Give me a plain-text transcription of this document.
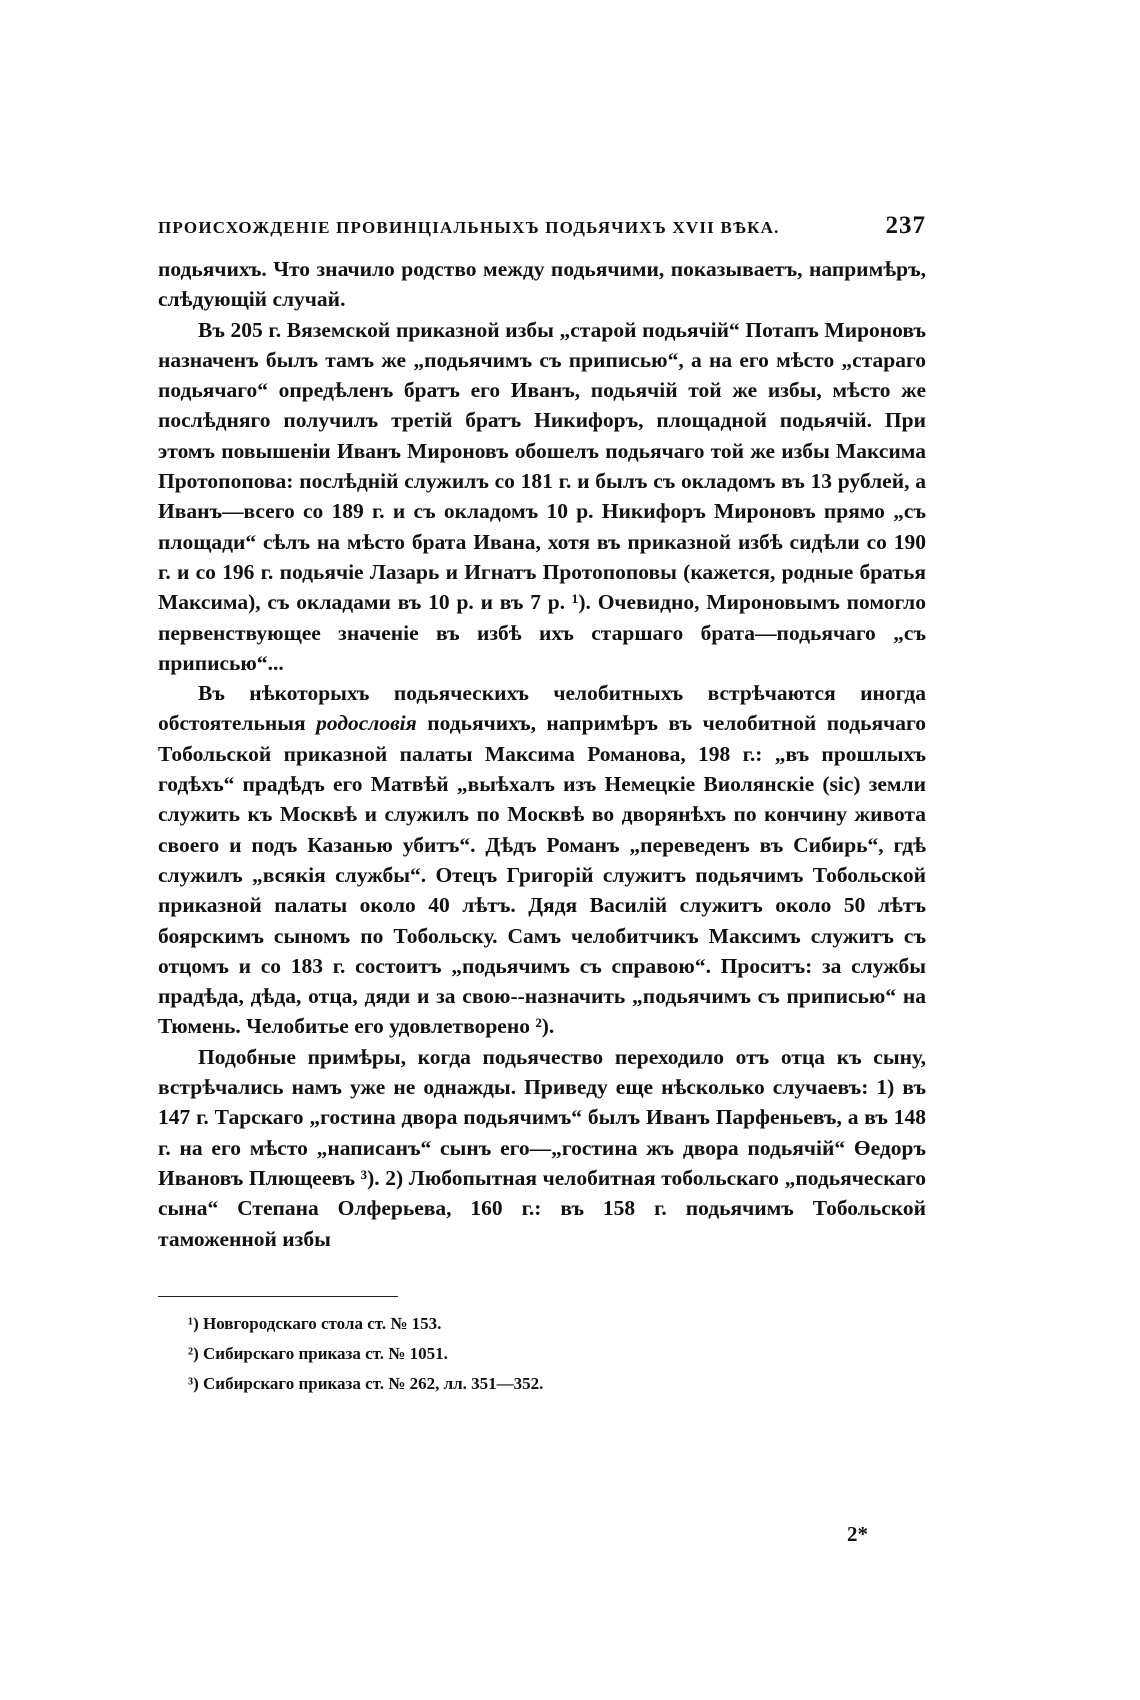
ПРОИСХОЖДЕНІЕ ПРОВИНЦІАЛЬНЫХЪ ПОДЬЯЧИХЪ XVII ВѢКА.	237

подьячихъ. Что значило родство между подьячими, показываетъ, напримѣръ, слѣдующій случай.

Въ 205 г. Вяземской приказной избы „старой подьячій“ Потапъ Мироновъ назначенъ былъ тамъ же „подьячимъ съ приписью“, а на его мѣсто „стараго подьячаго“ опредѣленъ братъ его Иванъ, подьячій той же избы, мѣсто же послѣдняго получилъ третій братъ Никифоръ, площадной подьячій. При этомъ повышеніи Иванъ Мироновъ обошелъ подьячаго той же избы Максима Протопопова: послѣдній служилъ со 181 г. и былъ съ окладомъ въ 13 рублей, а Иванъ—всего со 189 г. и съ окладомъ 10 р. Никифоръ Мироновъ прямо „съ площади“ сѣлъ на мѣсто брата Ивана, хотя въ приказной избѣ сидѣли со 190 г. и со 196 г. подьячіе Лазарь и Игнатъ Протопоповы (кажется, родные братья Максима), съ окладами въ 10 р. и въ 7 р. ¹). Очевидно, Мироновымъ помогло первенствующее значеніе въ избѣ ихъ старшаго брата—подьячаго „съ приписью“...

Въ нѣкоторыхъ подьяческихъ челобитныхъ встрѣчаются иногда обстоятельныя родословія подьячихъ, напримѣръ въ челобитной подьячаго Тобольской приказной палаты Максима Романова, 198 г.: „въ прошлыхъ годѣхъ“ прадѣдъ его Матвѣй „выѣхалъ изъ Немецкіе Виолянскіе (sic) земли служить къ Москвѣ и служилъ по Москвѣ во дворянѣхъ по кончину живота своего и подъ Казанью убитъ“. Дѣдъ Романъ „переведенъ въ Сибирь“, гдѣ служилъ „всякія службы“. Отецъ Григорій служитъ подьячимъ Тобольской приказной палаты около 40 лѣтъ. Дядя Василій служитъ около 50 лѣтъ боярскимъ сыномъ по Тобольску. Самъ челобитчикъ Максимъ служитъ съ отцомъ и со 183 г. состоитъ „подьячимъ съ справою“. Проситъ: за службы прадѣда, дѣда, отца, дяди и за свою--назначить „подьячимъ съ приписью“ на Тюмень. Челобитье его удовлетворено ²).

Подобные примѣры, когда подьячество переходило отъ отца къ сыну, встрѣчались намъ уже не однажды. Приведу еще нѣсколько случаевъ: 1) въ 147 г. Тарскаго „гостина двора подьячимъ“ былъ Иванъ Парфеньевъ, а въ 148 г. на его мѣсто „написанъ“ сынъ его—„гостина жъ двора подьячій“ Өедоръ Ивановъ Плющеевъ ³). 2) Любопытная челобитная тобольскаго „подьяческаго сына“ Степана Олферьева, 160 г.: въ 158 г. подьячимъ Тобольской таможенной избы

¹) Новгородскаго стола ст. № 153.
²) Сибирскаго приказа ст. № 1051.
³) Сибирскаго приказа ст. № 262, лл. 351—352.
2*
